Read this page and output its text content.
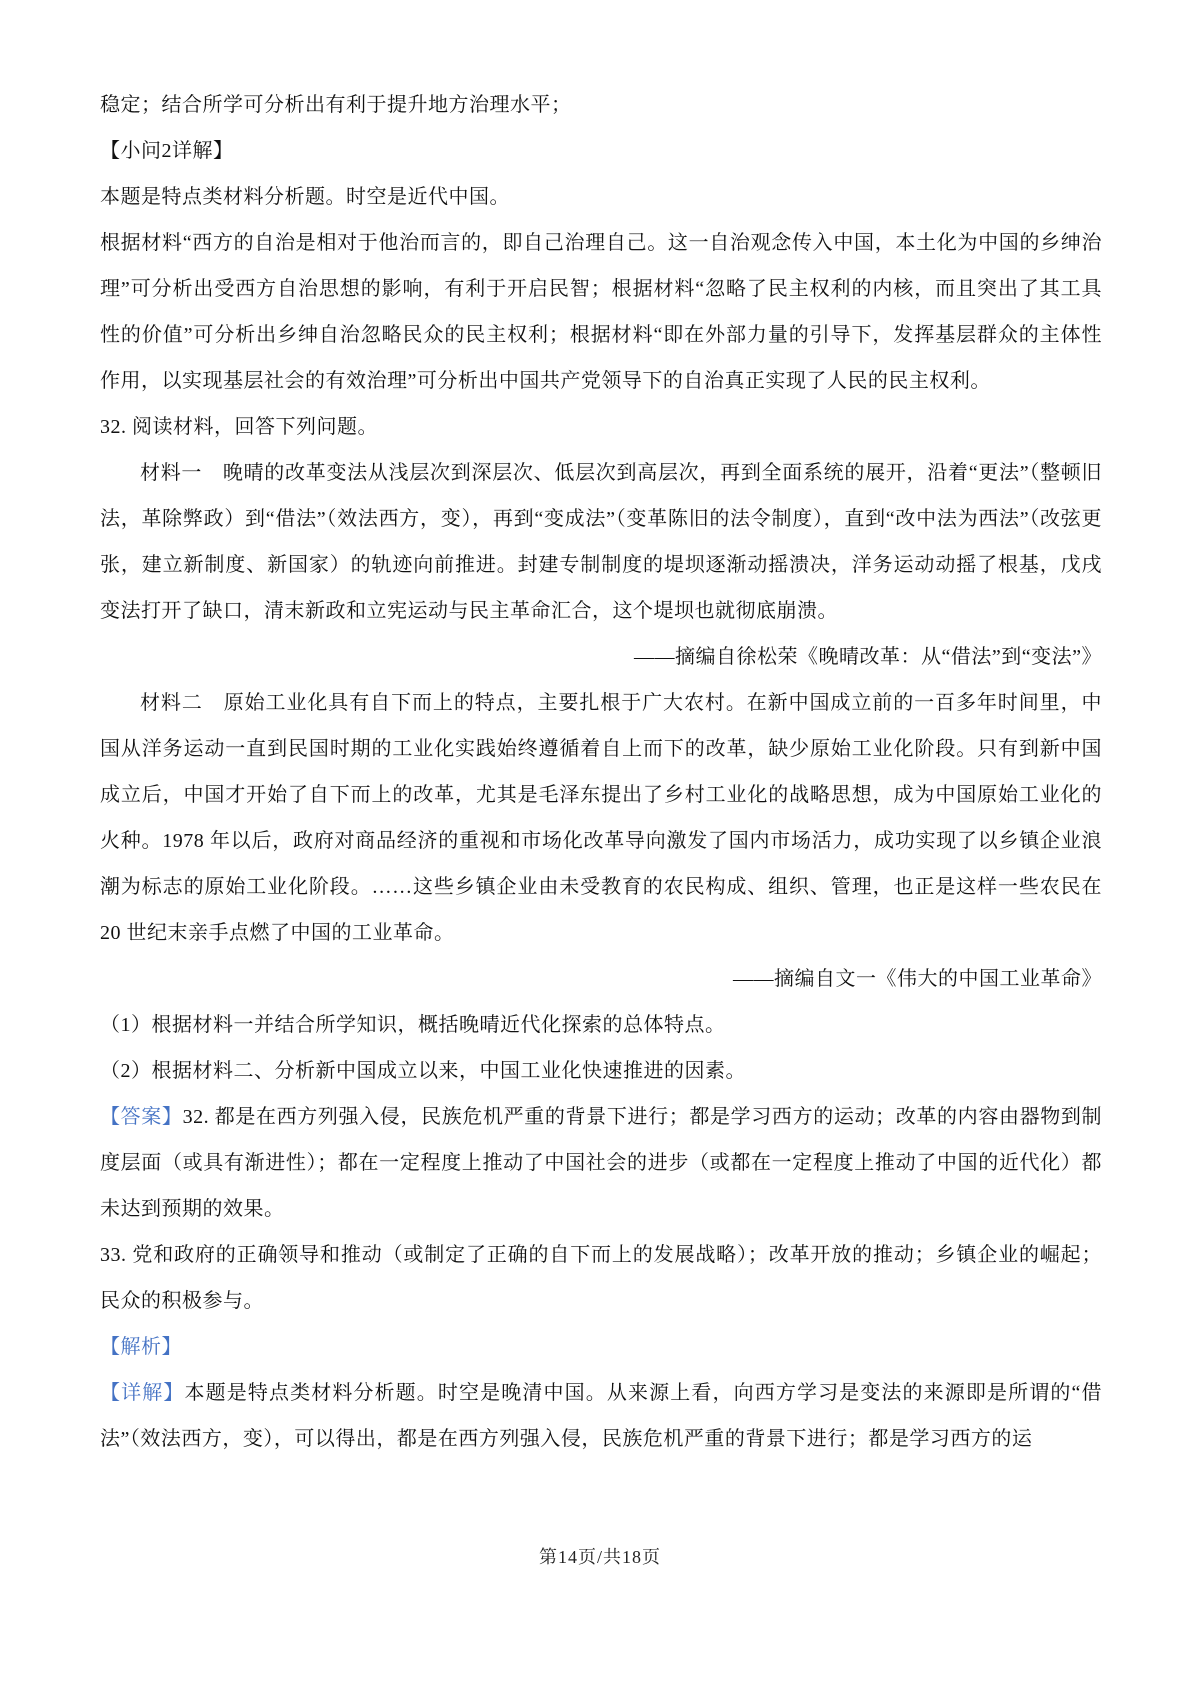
稳定；结合所学可分析出有利于提升地方治理水平；

【小问2详解】

本题是特点类材料分析题。时空是近代中国。

根据材料“西方的自治是相对于他治而言的，即自己治理自己。这一自治观念传入中国，本土化为中国的乡绅治理”可分析出受西方自治思想的影响，有利于开启民智；根据材料“忽略了民主权利的内核，而且突出了其工具性的价值”可分析出乡绅自治忽略民众的民主权利；根据材料“即在外部力量的引导下，发挥基层群众的主体性作用，以实现基层社会的有效治理”可分析出中国共产党领导下的自治真正实现了人民的民主权利。

32. 阅读材料，回答下列问题。

材料一　晚晴的改革变法从浅层次到深层次、低层次到高层次，再到全面系统的展开，沿着“更法”（整顿旧法，革除弊政）到“借法”（效法西方，变），再到“变成法”（变革陈旧的法令制度），直到“改中法为西法”（改弦更张，建立新制度、新国家）的轨迹向前推进。封建专制制度的堤坝逐渐动摇溃决，洋务运动动摇了根基，戊戌变法打开了缺口，清末新政和立宪运动与民主革命汇合，这个堤坝也就彻底崩溃。

——摘编自徐松荣《晚晴改革：从“借法”到“变法”》

材料二　原始工业化具有自下而上的特点，主要扎根于广大农村。在新中国成立前的一百多年时间里，中国从洋务运动一直到民国时期的工业化实践始终遵循着自上而下的改革，缺少原始工业化阶段。只有到新中国成立后，中国才开始了自下而上的改革，尤其是毛泽东提出了乡村工业化的战略思想，成为中国原始工业化的火种。1978 年以后，政府对商品经济的重视和市场化改革导向激发了国内市场活力，成功实现了以乡镇企业浪潮为标志的原始工业化阶段。……这些乡镇企业由未受教育的农民构成、组织、管理，也正是这样一些农民在 20 世纪末亲手点燃了中国的工业革命。

——摘编自文一《伟大的中国工业革命》

（1）根据材料一并结合所学知识，概括晚晴近代化探索的总体特点。

（2）根据材料二、分析新中国成立以来，中国工业化快速推进的因素。

【答案】32. 都是在西方列强入侵，民族危机严重的背景下进行；都是学习西方的运动；改革的内容由器物到制度层面（或具有渐进性）；都在一定程度上推动了中国社会的进步（或都在一定程度上推动了中国的近代化）都未达到预期的效果。

33. 党和政府的正确领导和推动（或制定了正确的自下而上的发展战略）；改革开放的推动；乡镇企业的崛起；民众的积极参与。

【解析】

【详解】本题是特点类材料分析题。时空是晚清中国。从来源上看，向西方学习是变法的来源即是所谓的“借法”（效法西方，变），可以得出，都是在西方列强入侵，民族危机严重的背景下进行；都是学习西方的运

第14页/共18页
